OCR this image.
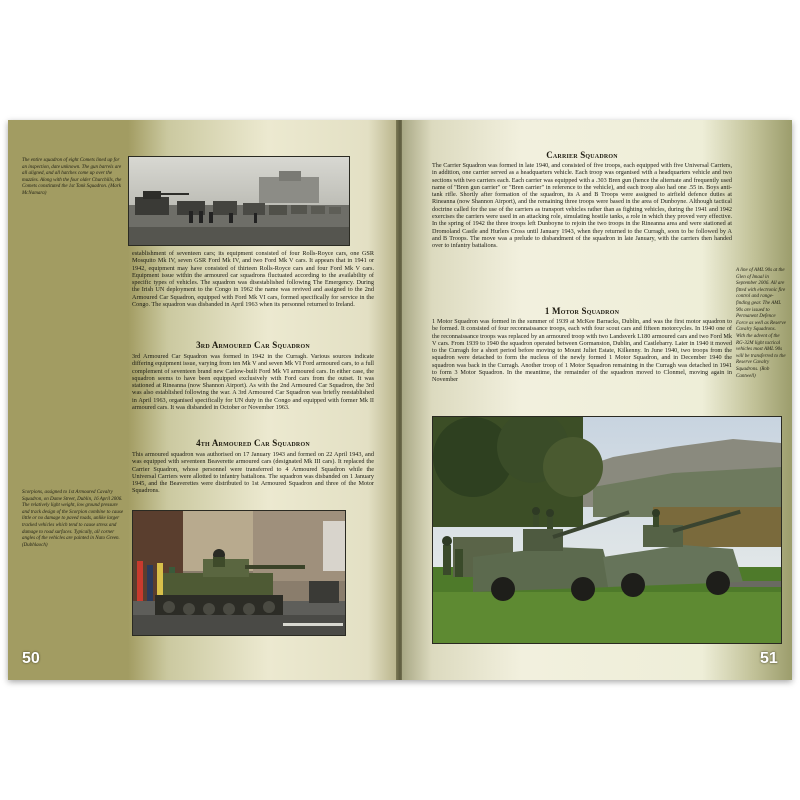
The entire squadron of eight Comets lined up for an inspection, date unknown. The gun barrels are all aligned, and all hatches come up over the muzzles. Along with the four older Churchills, the Comets constituted the 1st Tank Squadron. (Mark McNamara)

establishment of seventeen cars; its equipment consisted of four Rolls-Royce cars, one GSR Mosquito Mk IV, seven GSR Ford Mk IV, and two Ford Mk V cars. It appears that in 1941 or 1942, equipment may have consisted of thirteen Rolls-Royce cars and four Ford Mk V cars. Equipment issue within the armoured car squadrons fluctuated according to the availability of specific types of vehicles. The squadron was disestablished following The Emergency. During the Irish UN deployment to the Congo in 1962 the name was revived and assigned to the 2nd Armoured Car Squadron, equipped with Ford Mk VI cars, formed specifically for service in the Congo. The squadron was disbanded in April 1963 when its personnel returned to Ireland.

3rd Armoured Car Squadron

3rd Armoured Car Squadron was formed in 1942 in the Curragh. Various sources indicate differing equipment issue, varying from ten Mk V and seven Mk VI Ford armoured cars, to a full complement of seventeen brand new Carlow-built Ford Mk VI armoured cars. In either case, the squadron seems to have been equipped exclusively with Ford cars from the outset. It was stationed at Rineanna (now Shannon Airport). As with the 2nd Armoured Car Squadron, the 3rd was also established following the war. A 3rd Armoured Car Squadron was briefly reestablished in April 1963, organised specifically for UN duty in the Congo and equipped with former Mk II armoured cars. It was disbanded in October or November 1963.

4th Armoured Car Squadron

This armoured squadron was authorised on 17 January 1943 and formed on 22 April 1943, and was equipped with seventeen Beaverette armoured cars (designated Mk III cars). It replaced the Carrier Squadron, whose personnel were transferred to 4 Armoured Squadron while the Universal Carriers were allotted to infantry battalions. The squadron was disbanded on 1 January 1945, and the Beaverettes were distributed to 1st Armoured Squadron and three of the Motor Squadrons.

Scorpions, assigned to 1st Armoured Cavalry Squadron, on Dame Street, Dublin, 16 April 2006. The relatively light weight, low ground pressure and track design of the Scorpion combine to cause little or no damage to paved roads, unlike larger tracked vehicles which tend to cause stress and damage to road surfaces. Typically, all corner angles of the vehicles are painted in Nato Green. (Dubhlaoch)

50

Carrier Squadron

The Carrier Squadron was formed in late 1940, and consisted of five troops, each equipped with five Universal Carriers, in addition, one carrier served as a headquarters vehicle. Each troop was organised with a headquarters vehicle and two sections with two carriers each. Each carrier was equipped with a .303 Bren gun (hence the alternate and frequently used name of "Bren gun carrier" or "Bren carrier" in reference to the vehicle), and each troop also had one .55 in. Boys anti-tank rifle. Shortly after formation of the squadron, its A and B Troops were assigned to airfield defence duties at Rineanna (now Shannon Airport), and the remaining three troops were based in the area of Dunboyne. Although tactical doctrine called for the use of the carriers as transport vehicles rather than as fighting vehicles, during the 1941 and 1942 exercises the carriers were used in an attacking role, simulating hostile tanks, a role in which they proved very effective. In the spring of 1942 the three troops left Dunboyne to rejoin the two troops in the Rineanna area and were stationed at Dromoland Castle and Hurlers Cross until January 1943, when they returned to the Curragh, soon to be followed by A and B Troops. The move was a prelude to disbandment of the squadron in late January, with the carriers then handed over to infantry battalions.

1 Motor Squadron

1 Motor Squadron was formed in the summer of 1939 at McKee Barracks, Dublin, and was the first motor squadron to be formed. It consisted of four reconnaissance troops, each with four scout cars and fifteen motorcycles. In 1940 one of the reconnaissance troops was replaced by an armoured troop with two Landsverk L180 armoured cars and two Ford Mk V cars. From 1939 to 1940 the squadron operated between Gormanston, Dublin, and Castlebarry. Later in 1940 it moved to the Curragh for a short period before moving to Mount Juliet Estate, Kilkenny. In June 1940, two troops from the squadron were detached to form the nucleus of the newly formed 1 Motor Squadron, and in December 1940 the squadron was back in the Curragh. Another troop of 1 Motor Squadron remaining in the Curragh was detached in 1941 to form 3 Motor Squadron. In the meantime, the remainder of the squadron moved to Clonmel, moving again in November

A line of AML 90s at the Glen of Imaal in September 2006. All are fitted with electronic fire control and range-finding gear. The AML 90s are issued to Permanent Defence Force as well as Reserve Cavalry Squadrons. With the advent of the RG-32M light tactical vehicles most AML 90s will be transferred to the Reserve Cavalry Squadrons. (Rob Cantwell)

51
